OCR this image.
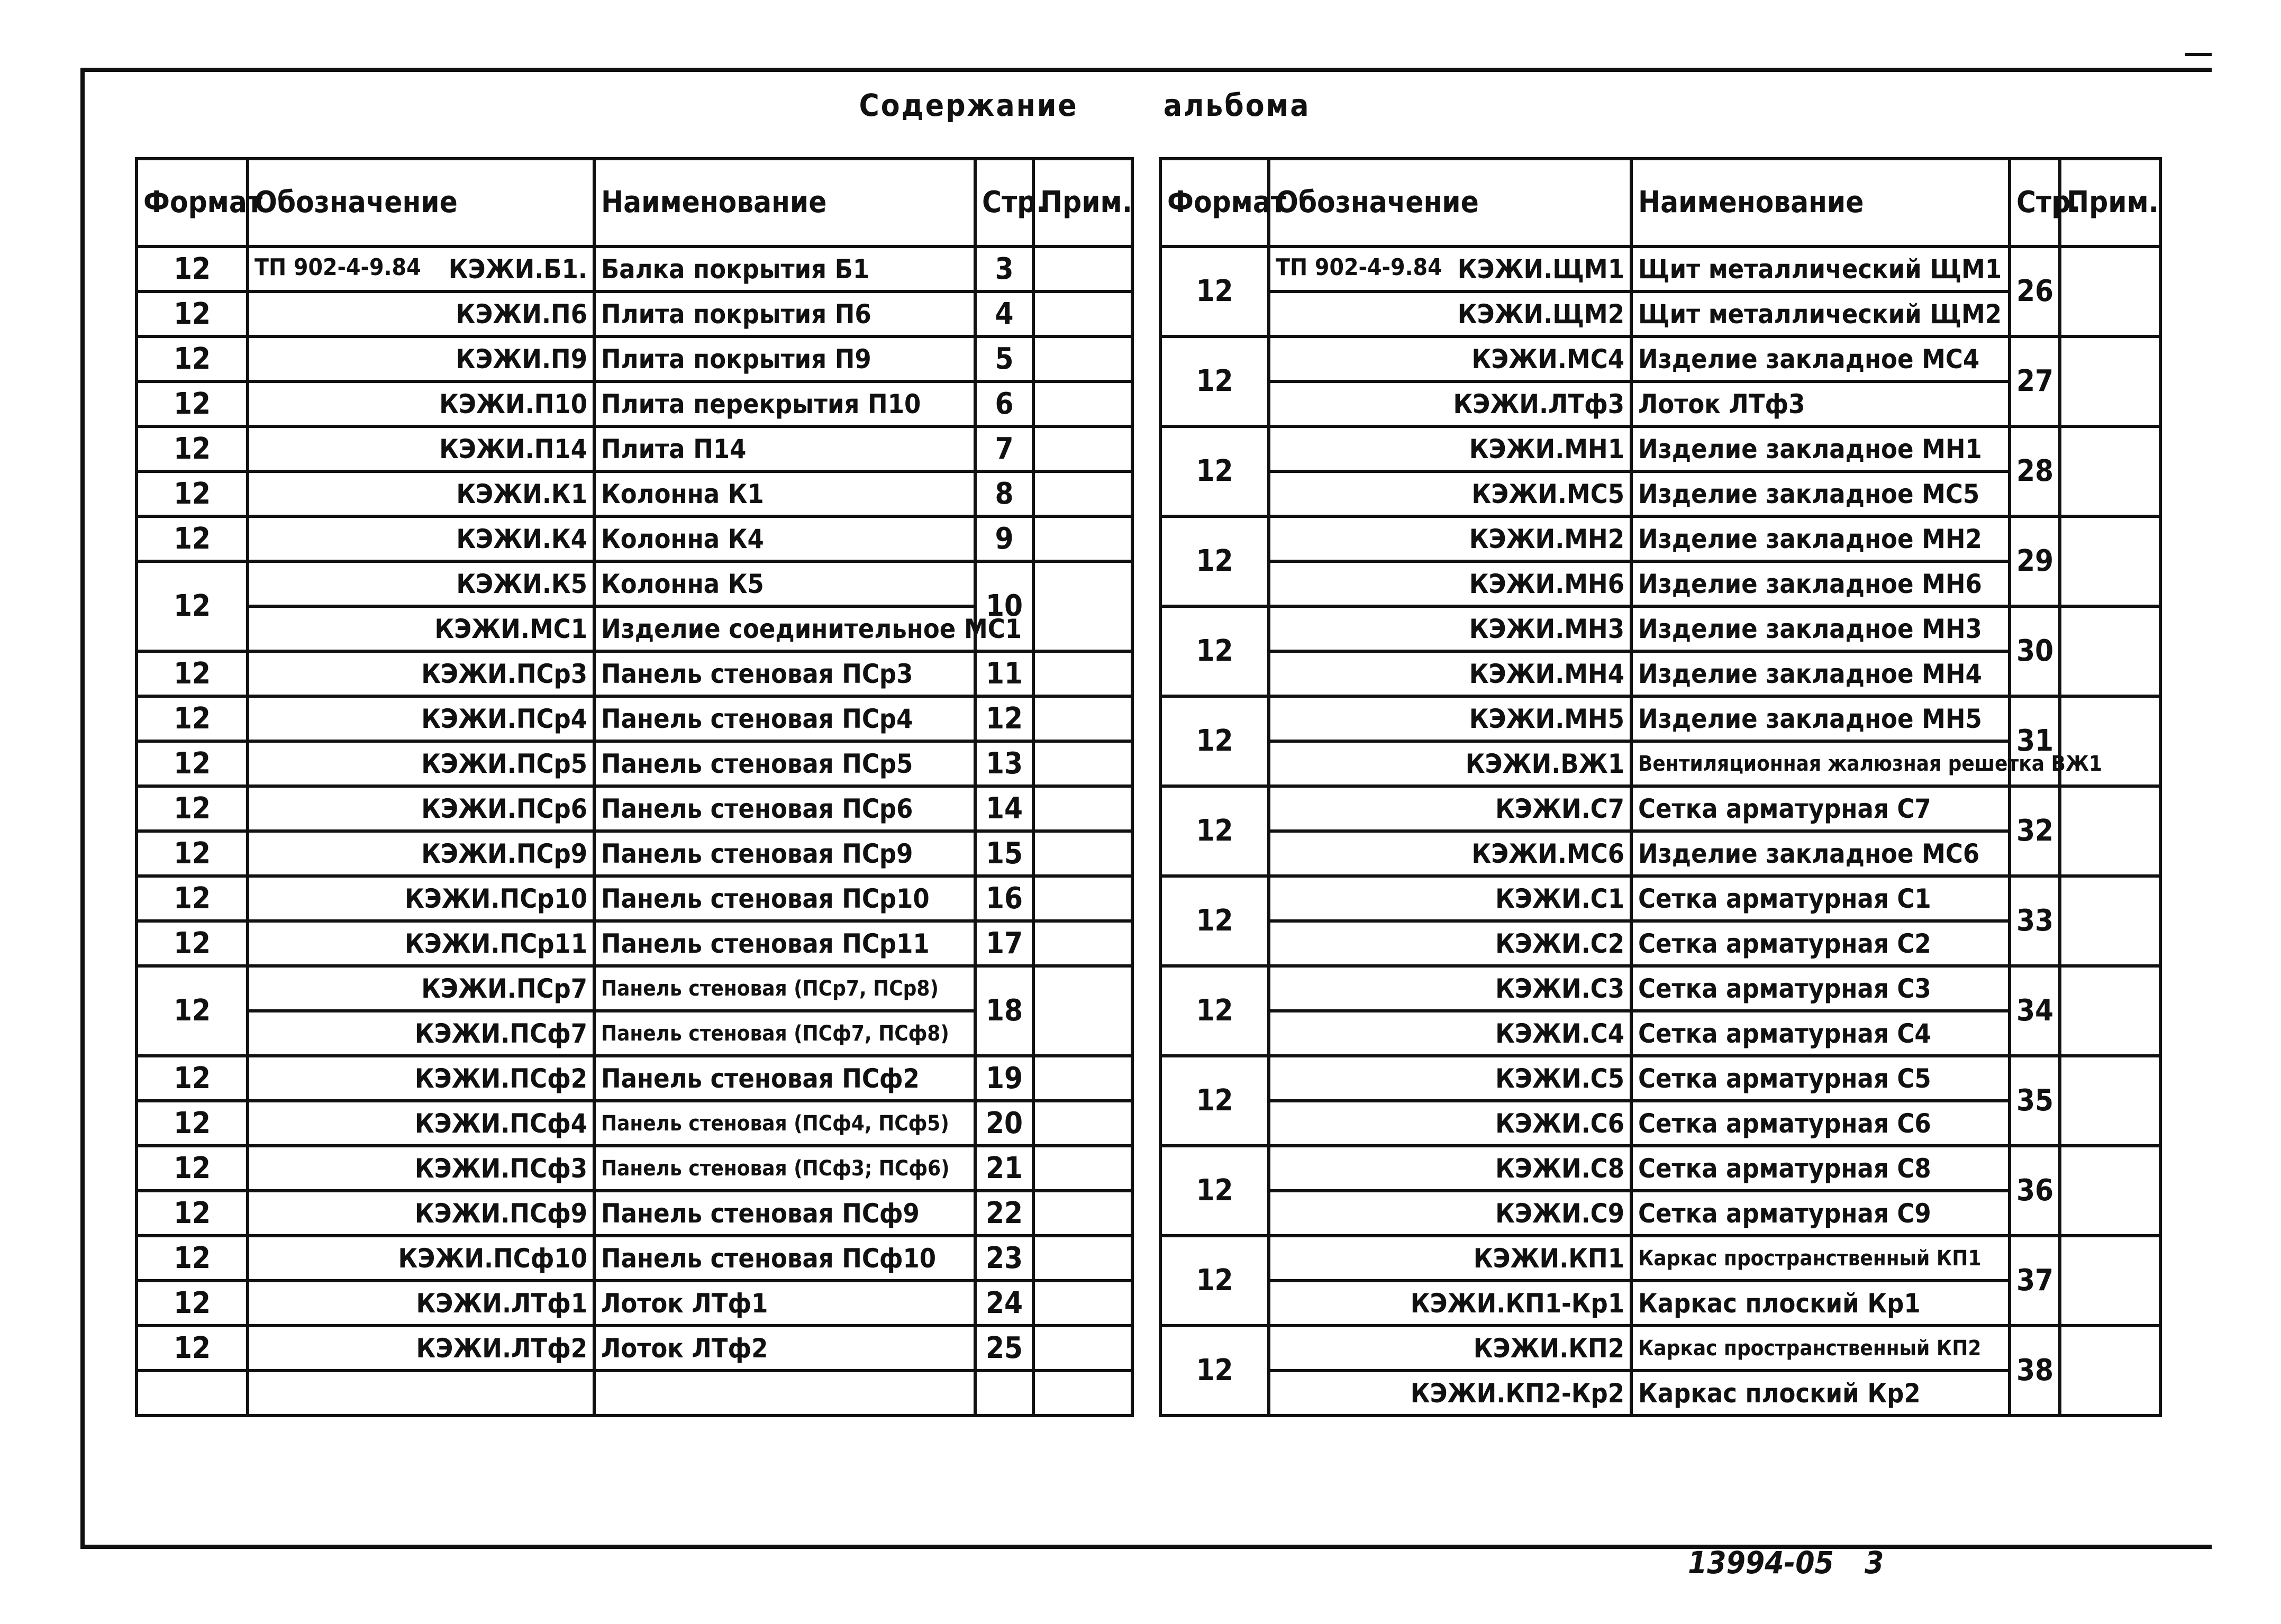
Содержание	альбома
Формат	Обозначение	Наименование	Стр.	Прим.
12	ТП 902-4-9.84 КЭЖИ.Б1.	Балка покрытия Б1	3	
12	КЭЖИ.П6	Плита покрытия П6	4	
12	КЭЖИ.П9	Плита покрытия П9	5	
12	КЭЖИ.П10	Плита перекрытия П10	6	
12	КЭЖИ.П14	Плита П14	7	
12	КЭЖИ.К1	Колонна К1	8	
12	КЭЖИ.К4	Колонна К4	9	
12	КЭЖИ.К5	Колонна К5	10	
	КЭЖИ.МС1	Изделие соединительное МС1		
12	КЭЖИ.ПСр3	Панель стеновая ПСр3	11	
12	КЭЖИ.ПСр4	Панель стеновая ПСр4	12	
12	КЭЖИ.ПСр5	Панель стеновая ПСр5	13	
12	КЭЖИ.ПСр6	Панель стеновая ПСр6	14	
12	КЭЖИ.ПСр9	Панель стеновая ПСр9	15	
12	КЭЖИ.ПСр10	Панель стеновая ПСр10	16	
12	КЭЖИ.ПСр11	Панель стеновая ПСр11	17	
12	КЭЖИ.ПСр7	Панель стеновая (ПСр7, ПСр8)	18	
	КЭЖИ.ПСф7	Панель стеновая (ПСф7, ПСф8)		
12	КЭЖИ.ПСф2	Панель стеновая ПСф2	19	
12	КЭЖИ.ПСф4	Панель стеновая (ПСф4, ПСф5)	20	
12	КЭЖИ.ПСф3	Панель стеновая (ПСф3; ПСф6)	21	
12	КЭЖИ.ПСф9	Панель стеновая ПСф9	22	
12	КЭЖИ.ПСф10	Панель стеновая ПСф10	23	
12	КЭЖИ.ЛТф1	Лоток ЛТф1	24	
12	КЭЖИ.ЛТф2	Лоток ЛТф2	25	

Формат	Обозначение	Наименование	Стр.	Прим.
12	ТП 902-4-9.84 КЭЖИ.ЩМ1	Щит металлический ЩМ1	26	
	КЭЖИ.ЩМ2	Щит металлический ЩМ2		
12	КЭЖИ.МС4	Изделие закладное МС4	27	
	КЭЖИ.ЛТф3	Лоток ЛТф3		
12	КЭЖИ.МН1	Изделие закладное МН1	28	
	КЭЖИ.МС5	Изделие закладное МС5		
12	КЭЖИ.МН2	Изделие закладное МН2	29	
	КЭЖИ.МН6	Изделие закладное МН6		
12	КЭЖИ.МН3	Изделие закладное МН3	30	
	КЭЖИ.МН4	Изделие закладное МН4		
12	КЭЖИ.МН5	Изделие закладное МН5	31	
	КЭЖИ.ВЖ1	Вентиляционная жалюзная решетка ВЖ1		
12	КЭЖИ.С7	Сетка арматурная С7	32	
	КЭЖИ.МС6	Изделие закладное МС6		
12	КЭЖИ.С1	Сетка арматурная С1	33	
	КЭЖИ.С2	Сетка арматурная С2		
12	КЭЖИ.С3	Сетка арматурная С3	34	
	КЭЖИ.С4	Сетка арматурная С4		
12	КЭЖИ.С5	Сетка арматурная С5	35	
	КЭЖИ.С6	Сетка арматурная С6		
12	КЭЖИ.С8	Сетка арматурная С8	36	
	КЭЖИ.С9	Сетка арматурная С9		
12	КЭЖИ.КП1	Каркас пространственный КП1	37	
	КЭЖИ.КП1-Кр1	Каркас плоский Кр1		
12	КЭЖИ.КП2	Каркас пространственный КП2	38	
	КЭЖИ.КП2-Кр2	Каркас плоский Кр2		
13994-05 3
